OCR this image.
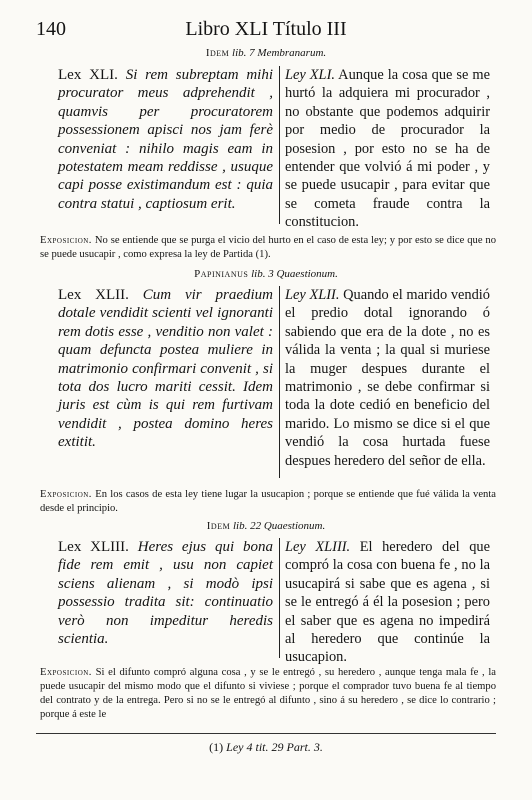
140	Libro XLI Título III
Idem lib. 7 Membranarum.
Lex XLI. Si rem subreptam mihi procurator meus adprehendit , quamvis per procuratorem possessionem apisci nos jam ferè conveniat : nihilo magis eam in potestatem meam reddisse , usuque capi posse existimandum est : quia contra statui , captiosum erit.
Ley XLI. Aunque la cosa que se me hurtó la adquiera mi procurador , no obstante que podemos adquirir por medio de procurador la posesion , por esto no se ha de entender que volvió á mi poder , y se puede usucapir , para evitar que se cometa fraude contra la constitucion.
Exposicion. No se entiende que se purga el vicio del hurto en el caso de esta ley; y por esto se dice que no se puede usucapir , como expresa la ley de Partida (1).
Papinianus lib. 3 Quaestionum.
Lex XLII. Cum vir praedium dotale vendidit scienti vel ignoranti rem dotis esse , venditio non valet : quam defuncta postea muliere in matrimonio confirmari convenit , si tota dos lucro mariti cessit. Idem juris est cùm is qui rem furtivam vendidit , postea domino heres extitit.
Ley XLII. Quando el marido vendió el predio dotal ignorando ó sabiendo que era de la dote , no es válida la venta ; la qual si muriese la muger despues durante el matrimonio , se debe confirmar si toda la dote cedió en beneficio del marido. Lo mismo se dice si el que vendió la cosa hurtada fuese despues heredero del señor de ella.
Exposicion. En los casos de esta ley tiene lugar la usucapion ; porque se entiende que fué válida la venta desde el principio.
Idem lib. 22 Quaestionum.
Lex XLIII. Heres ejus qui bona fide rem emit , usu non capiet sciens alienam , si modò ipsi possessio tradita sit: continuatio verò non impeditur heredis scientia.
Ley XLIII. El heredero del que compró la cosa con buena fe , no la usucapirá si sabe que es agena , si se le entregó á él la posesion ; pero el saber que es agena no impedirá al heredero que continúe la usucapion.
Exposicion. Si el difunto compró alguna cosa , y se le entregó , su heredero , aunque tenga mala fe , la puede usucapir del mismo modo que el difunto si viviese ; porque el comprador tuvo buena fe al tiempo del contrato y de la entrega. Pero si no se le entregó al difunto , sino á su heredero , se dice lo contrario ; porque á este le
(1) Ley 4 tit. 29 Part. 3.
